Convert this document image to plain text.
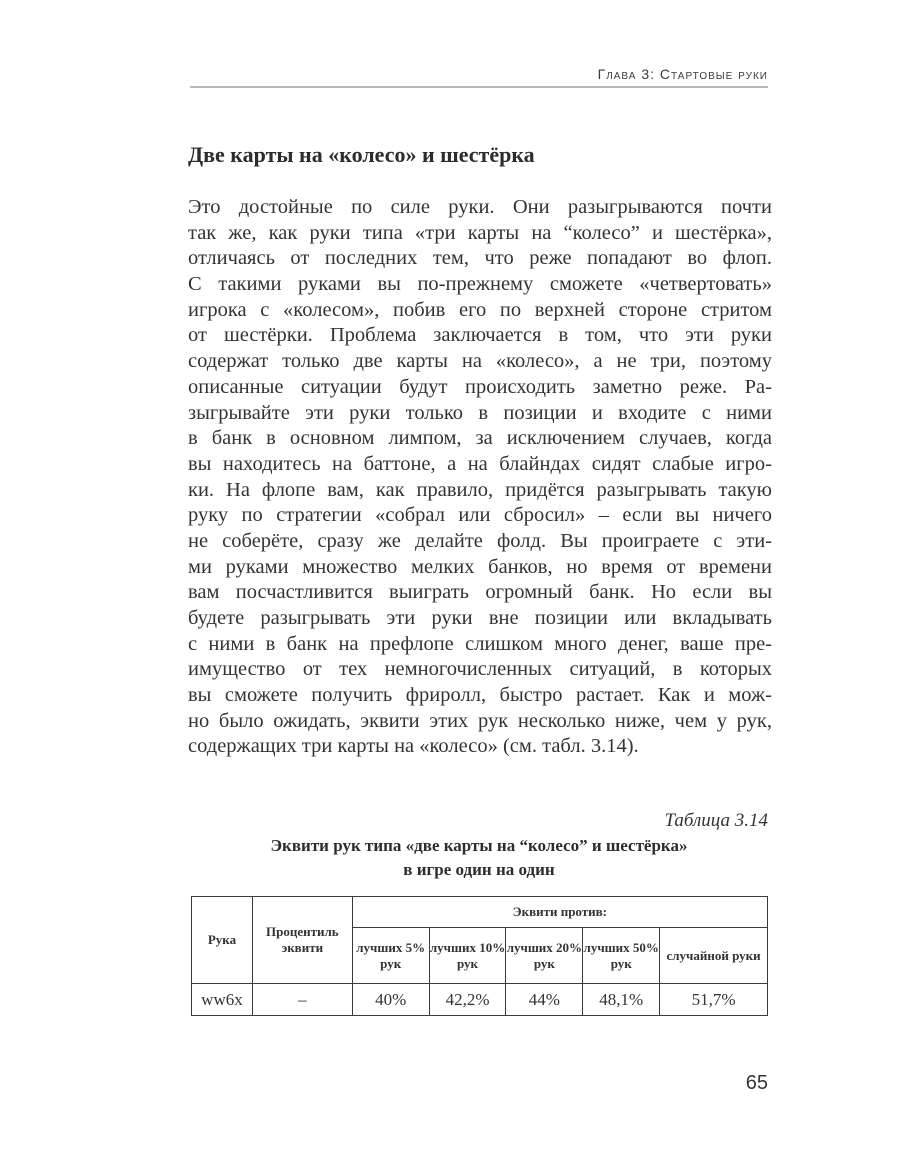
Глава 3: Стартовые руки
Две карты на «колесо» и шестёрка
Это достойные по силе руки. Они разыгрываются почти
так же, как руки типа «три карты на “колесо” и шестёрка»,
отличаясь от последних тем, что реже попадают во флоп.
С такими руками вы по-прежнему сможете «четвертовать»
игрока с «колесом», побив его по верхней стороне стритом
от шестёрки. Проблема заключается в том, что эти руки
содержат только две карты на «колесо», а не три, поэтому
описанные ситуации будут происходить заметно реже. Ра-
зыгрывайте эти руки только в позиции и входите с ними
в банк в основном лимпом, за исключением случаев, когда
вы находитесь на баттоне, а на блайндах сидят слабые игро-
ки. На флопе вам, как правило, придётся разыгрывать такую
руку по стратегии «собрал или сбросил» – если вы ничего
не соберёте, сразу же делайте фолд. Вы проиграете с эти-
ми руками множество мелких банков, но время от времени
вам посчастливится выиграть огромный банк. Но если вы
будете разыгрывать эти руки вне позиции или вкладывать
с ними в банк на префлопе слишком много денег, ваше пре-
имущество от тех немногочисленных ситуаций, в которых
вы сможете получить фриролл, быстро растает. Как и мож-
но было ожидать, эквити этих рук несколько ниже, чем у рук,
содержащих три карты на «колесо» (см. табл. 3.14).
Таблица 3.14
Эквити рук типа «две карты на “колесо” и шестёрка»
в игре один на один
Рука	Процентиль эквити	Эквити против:				
		лучших 5% рук	лучших 10% рук	лучших 20% рук	лучших 50% рук	случайной руки
ww6x	–	40%	42,2%	44%	48,1%	51,7%
65
